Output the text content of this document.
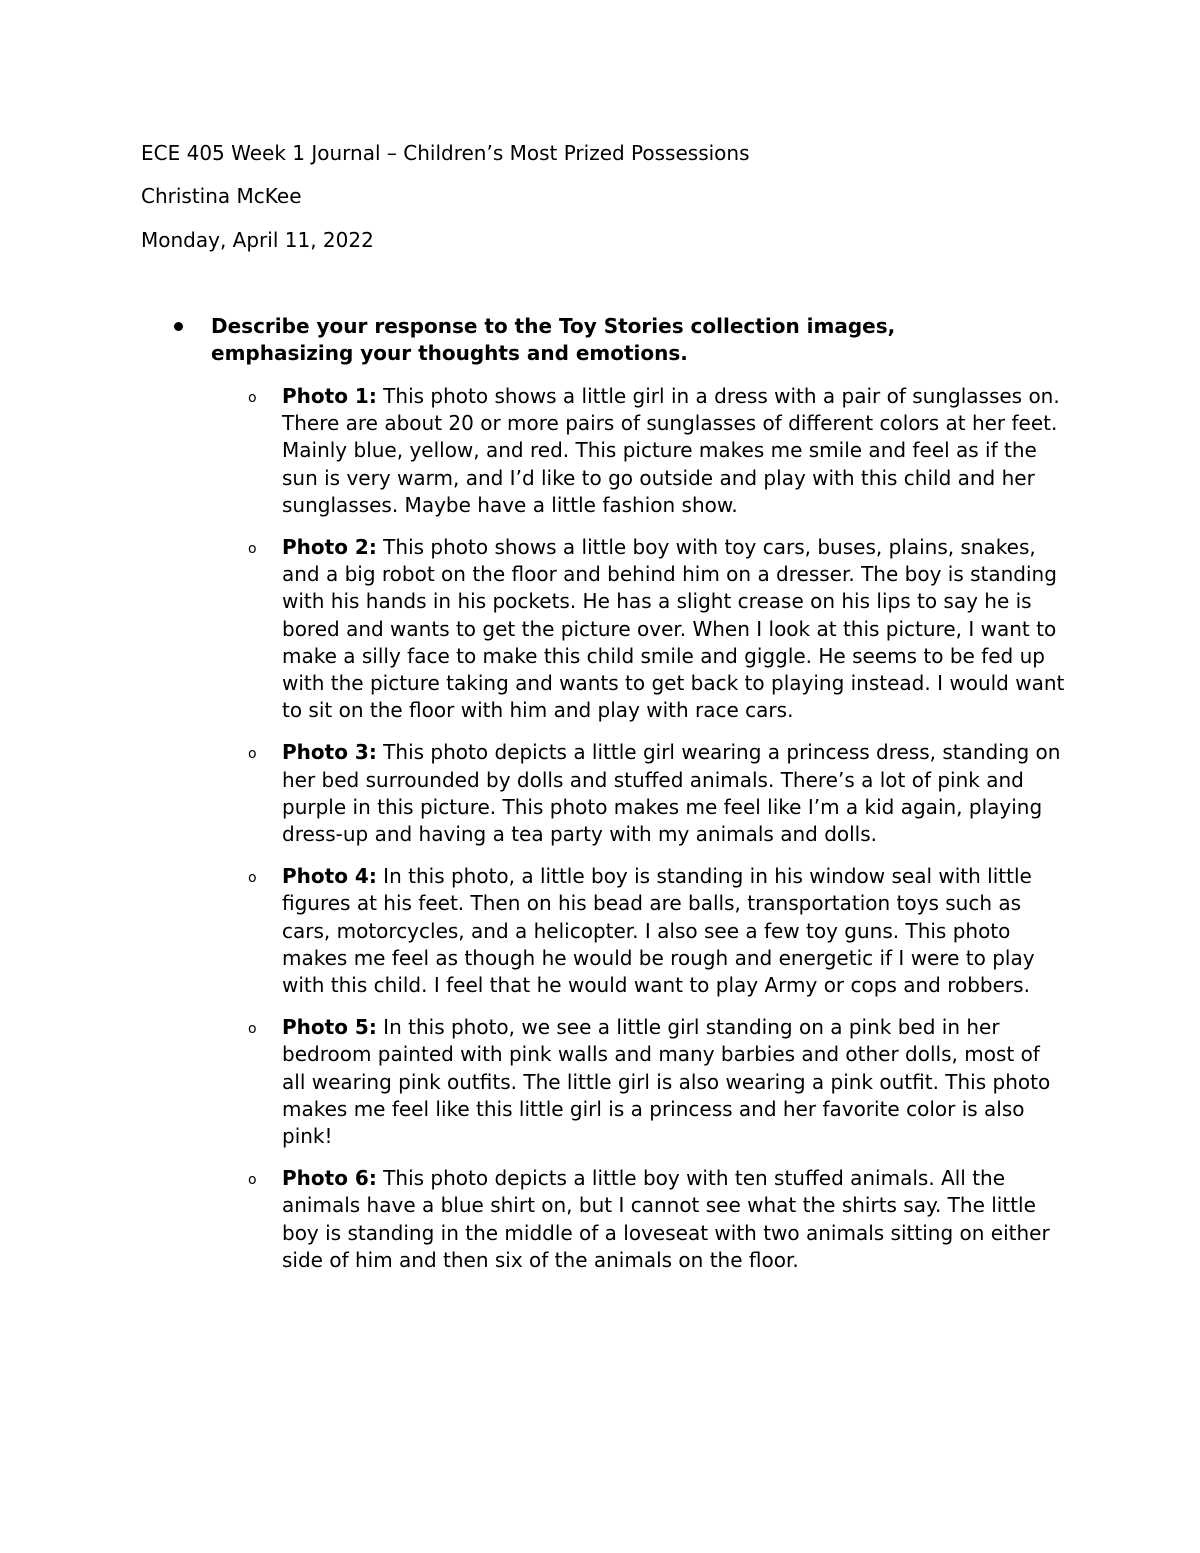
ECE 405 Week 1 Journal – Children’s Most Prized Possessions
Christina McKee
Monday, April 11, 2022
Describe your response to the Toy Stories collection images, emphasizing your thoughts and emotions.
o Photo 1: This photo shows a little girl in a dress with a pair of sunglasses on. There are about 20 or more pairs of sunglasses of different colors at her feet. Mainly blue, yellow, and red. This picture makes me smile and feel as if the sun is very warm, and I’d like to go outside and play with this child and her sunglasses. Maybe have a little fashion show.
o Photo 2: This photo shows a little boy with toy cars, buses, plains, snakes, and a big robot on the floor and behind him on a dresser. The boy is standing with his hands in his pockets. He has a slight crease on his lips to say he is bored and wants to get the picture over. When I look at this picture, I want to make a silly face to make this child smile and giggle. He seems to be fed up with the picture taking and wants to get back to playing instead. I would want to sit on the floor with him and play with race cars.
o Photo 3: This photo depicts a little girl wearing a princess dress, standing on her bed surrounded by dolls and stuffed animals. There’s a lot of pink and purple in this picture. This photo makes me feel like I’m a kid again, playing dress-up and having a tea party with my animals and dolls.
o Photo 4: In this photo, a little boy is standing in his window seal with little figures at his feet. Then on his bead are balls, transportation toys such as cars, motorcycles, and a helicopter. I also see a few toy guns. This photo makes me feel as though he would be rough and energetic if I were to play with this child. I feel that he would want to play Army or cops and robbers.
o Photo 5: In this photo, we see a little girl standing on a pink bed in her bedroom painted with pink walls and many barbies and other dolls, most of all wearing pink outfits. The little girl is also wearing a pink outfit. This photo makes me feel like this little girl is a princess and her favorite color is also pink!
o Photo 6: This photo depicts a little boy with ten stuffed animals. All the animals have a blue shirt on, but I cannot see what the shirts say. The little boy is standing in the middle of a loveseat with two animals sitting on either side of him and then six of the animals on the floor.
